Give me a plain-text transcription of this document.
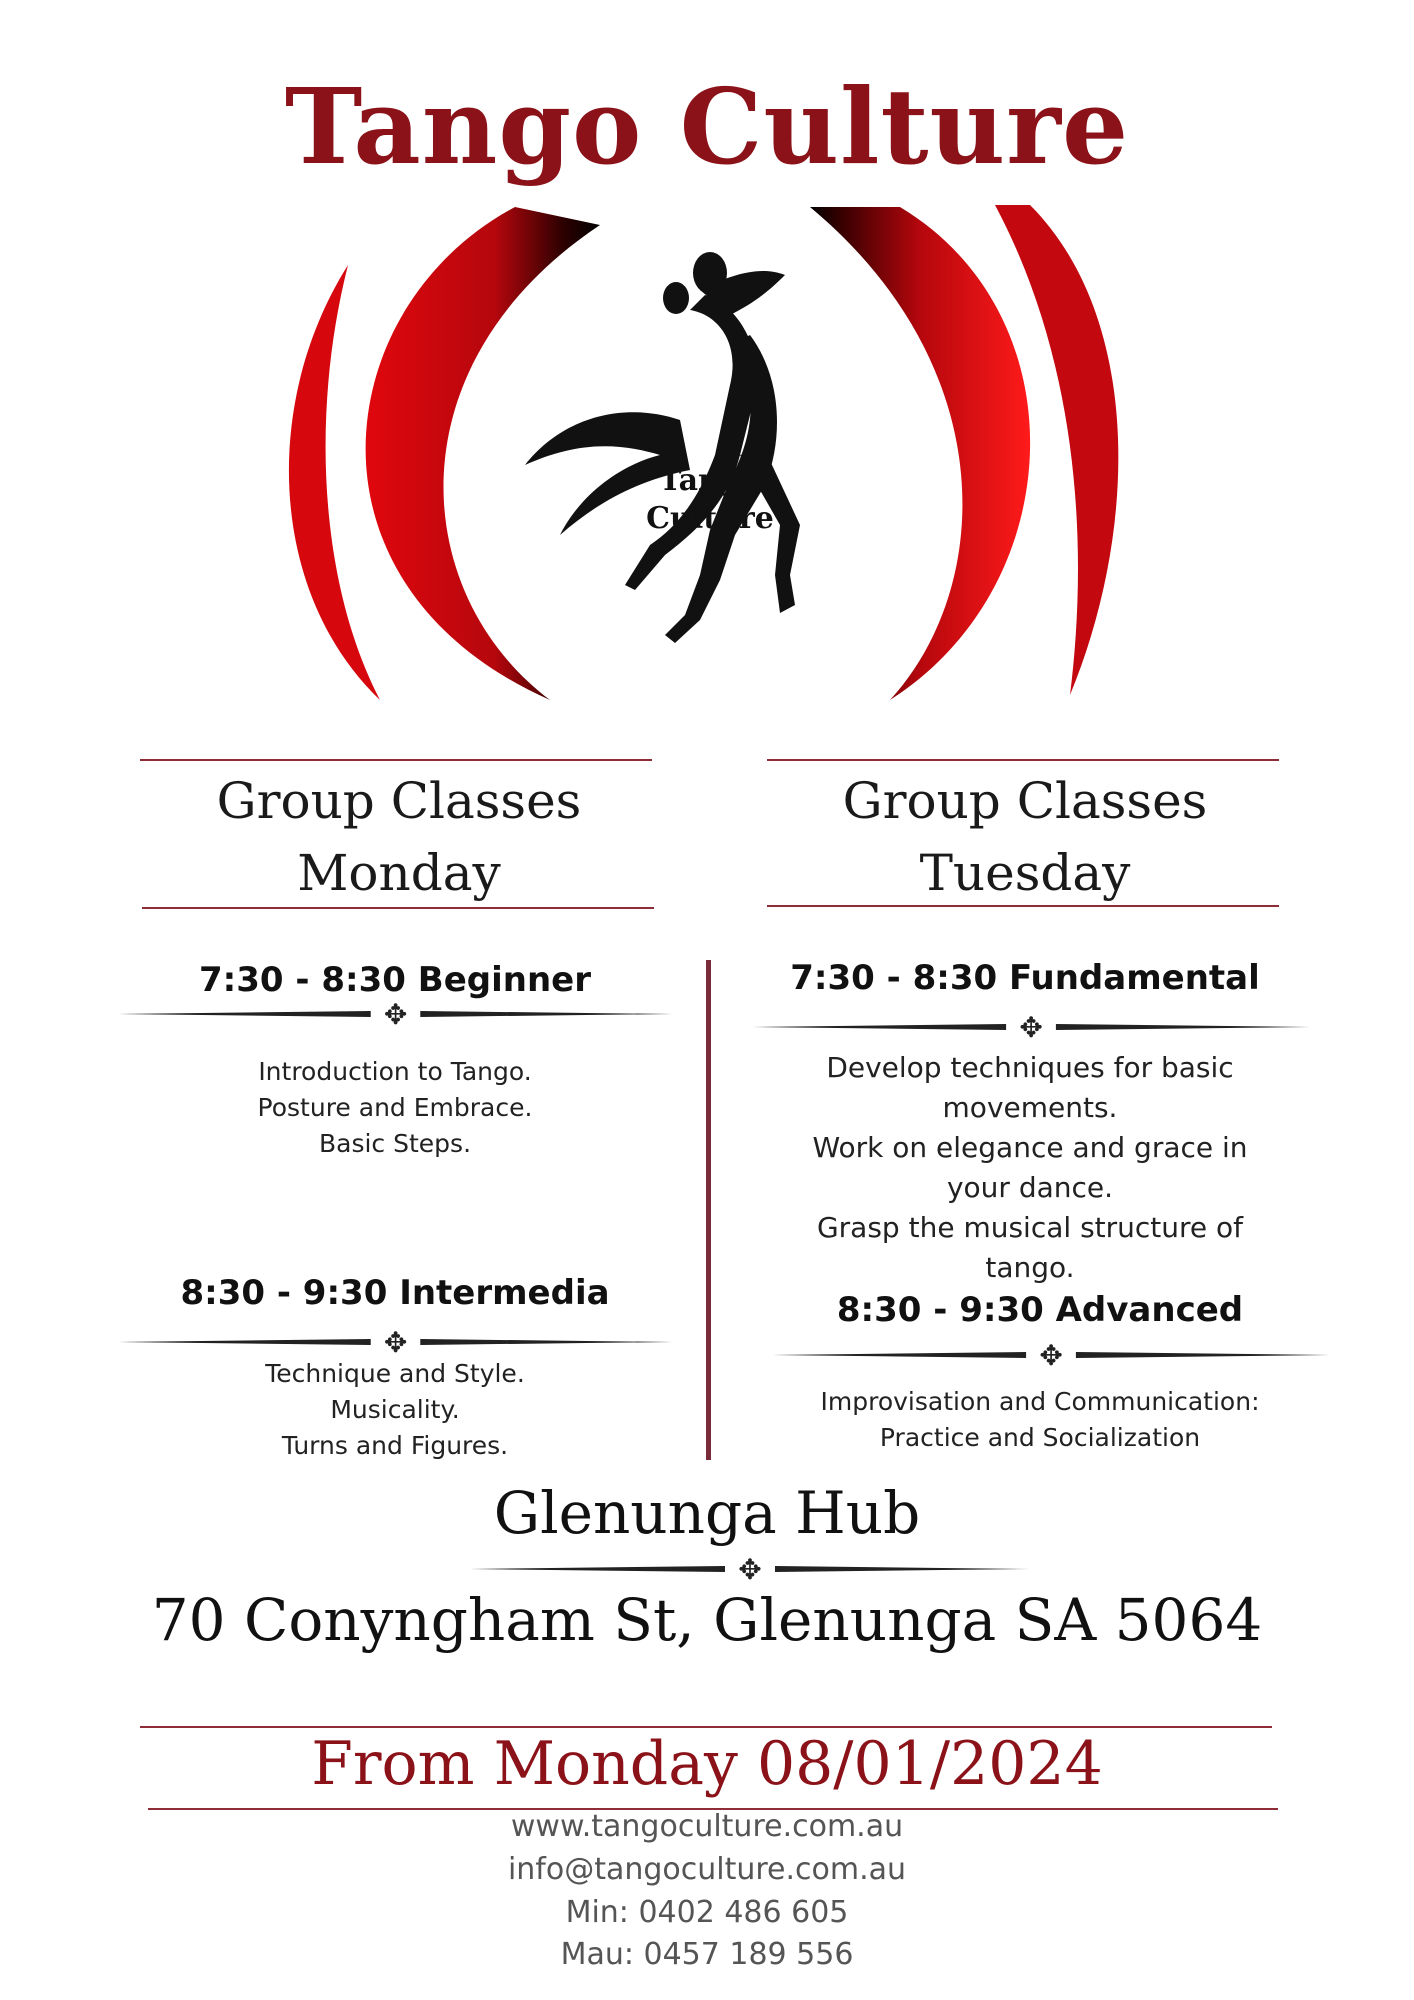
Tango Culture
Tango
Culture
Group Classes
Monday
Group Classes
Tuesday
7:30 - 8:30 Beginner
✥
Introduction to Tango.
Posture and Embrace.
Basic Steps.
8:30 - 9:30 Intermedia
✥
Technique and Style.
Musicality.
Turns and Figures.
7:30 - 8:30 Fundamental
✥
Develop techniques for basic
movements.
Work on elegance and grace in
your dance.
Grasp the musical structure of
tango.
8:30 - 9:30 Advanced
✥
Improvisation and Communication:
Practice and Socialization
Glenunga Hub
✥
70 Conyngham St, Glenunga SA 5064
From Monday 08/01/2024
www.tangoculture.com.au
info@tangoculture.com.au
Min: 0402 486 605
Mau: 0457 189 556
